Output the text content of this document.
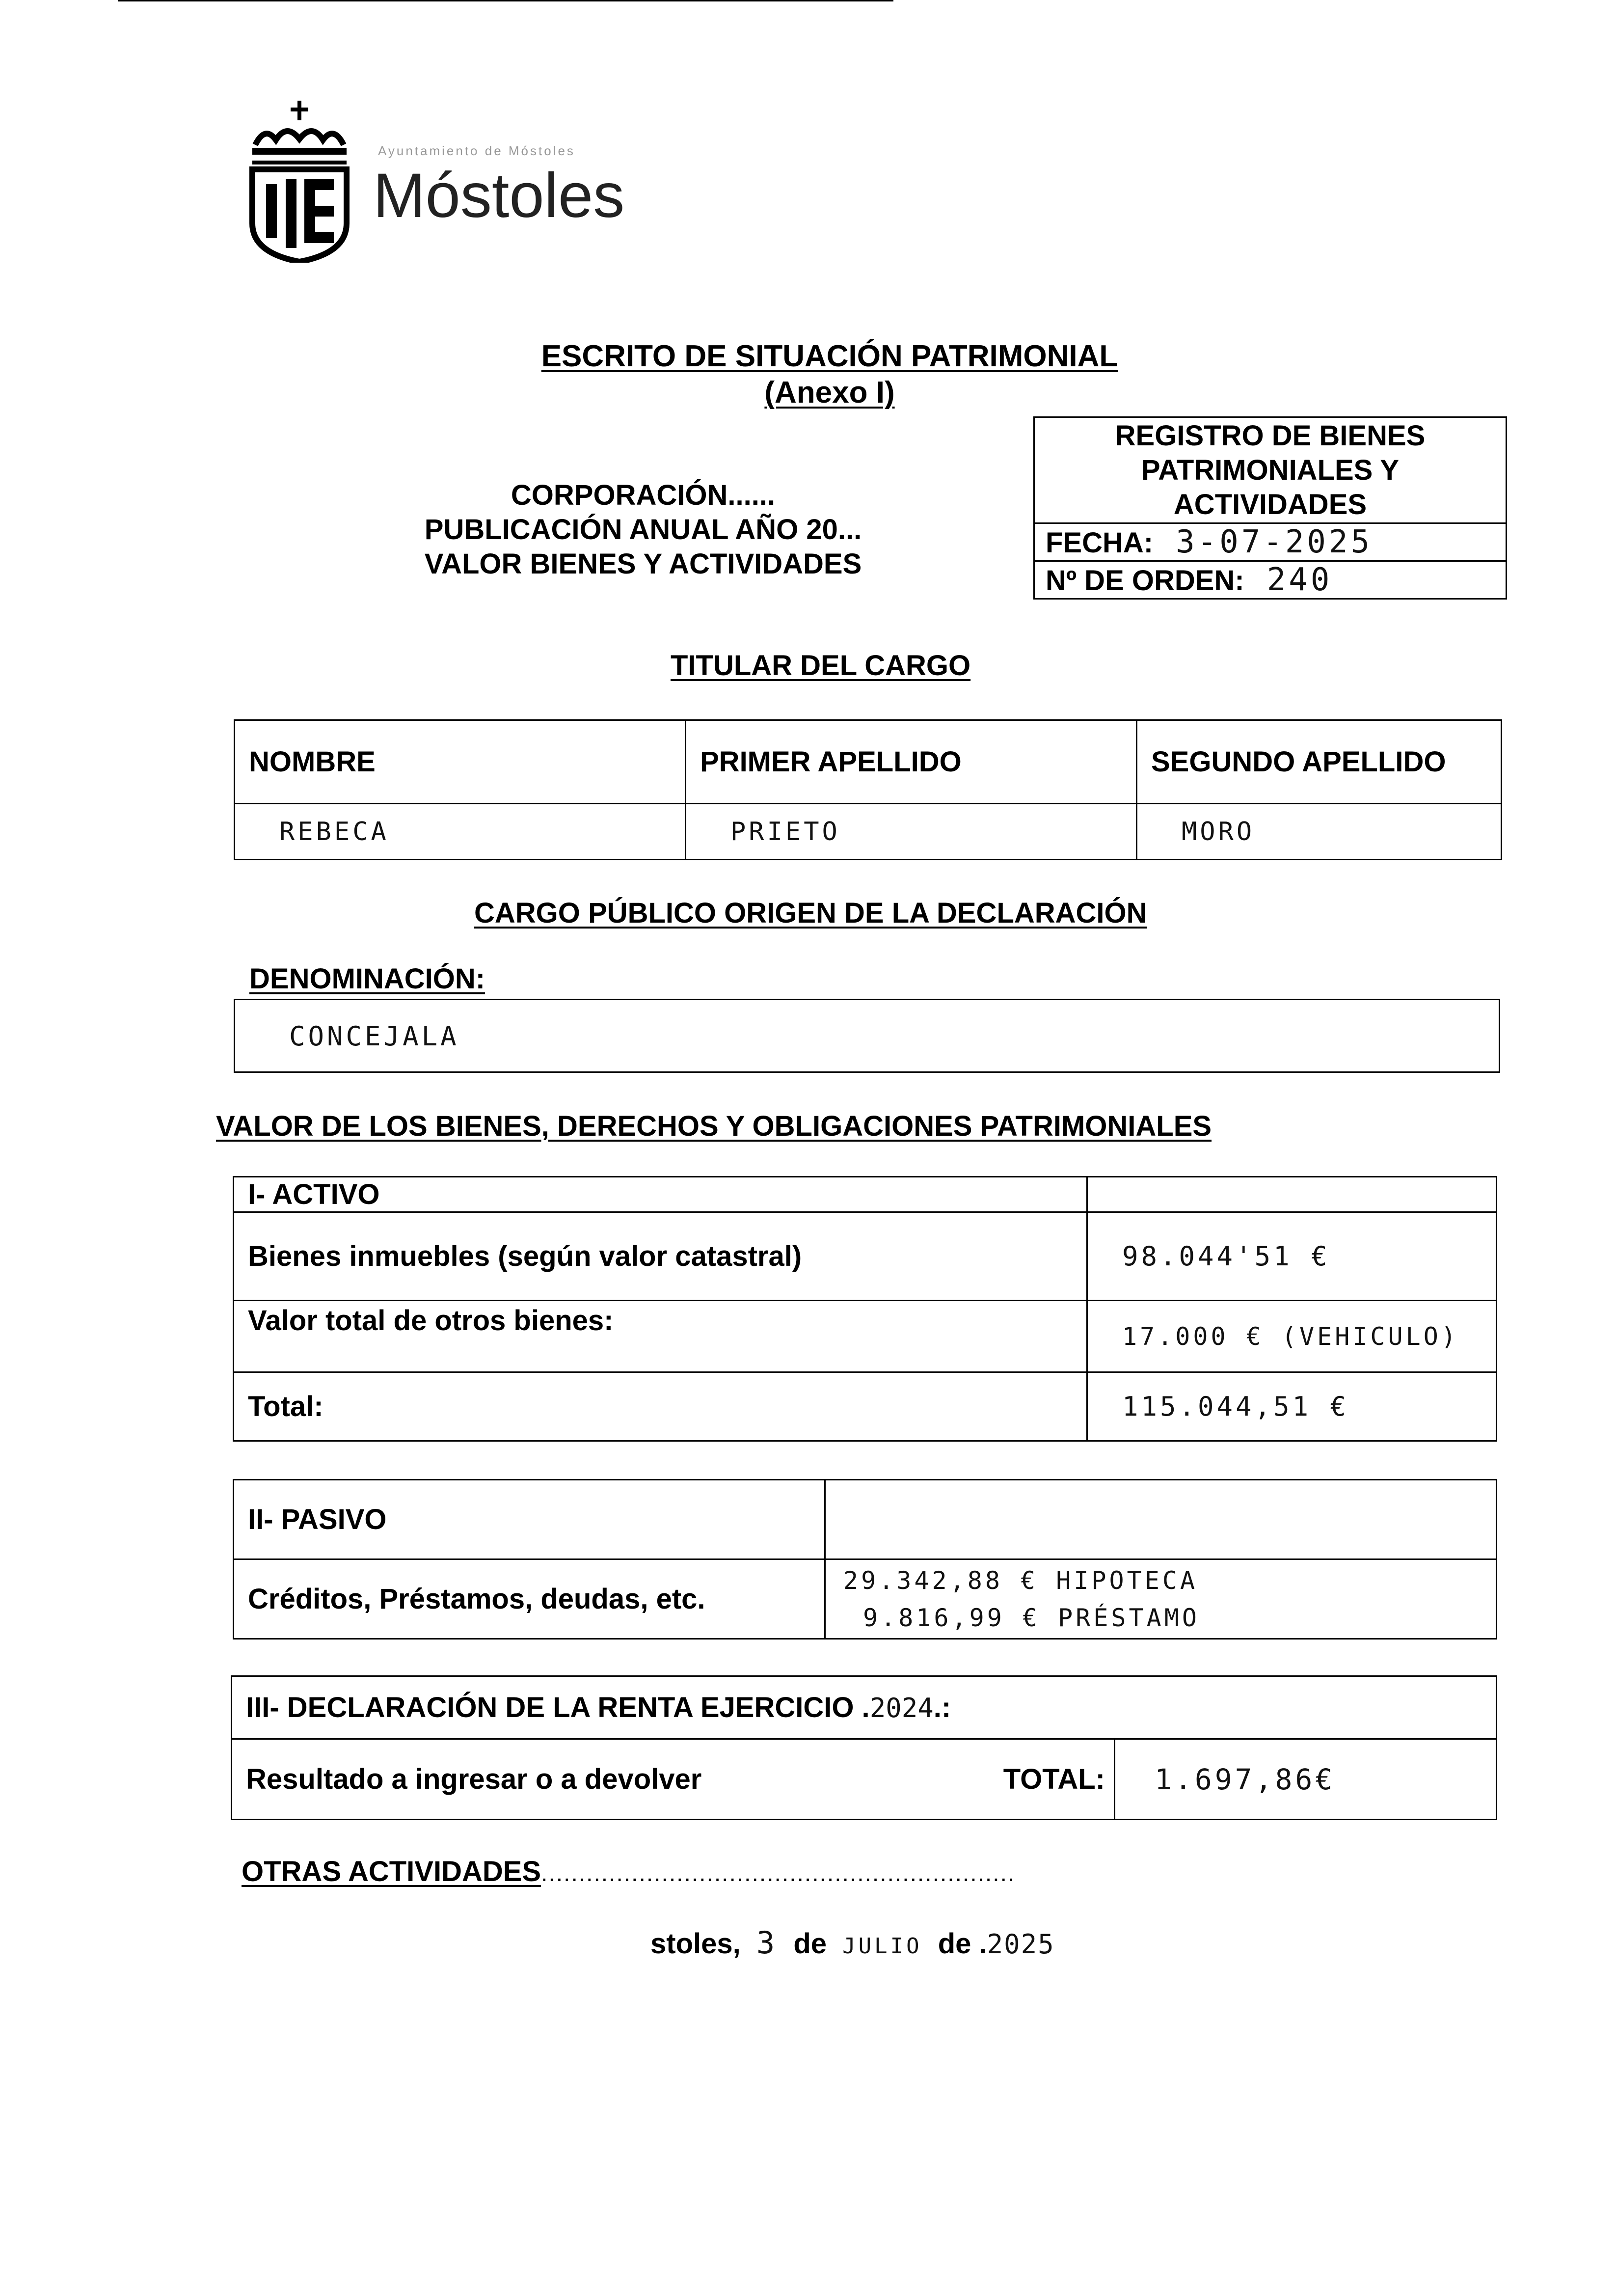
Ayuntamiento de Móstoles
Móstoles
ESCRITO DE SITUACIÓN PATRIMONIAL
(Anexo I)
CORPORACIÓN......
PUBLICACIÓN ANUAL AÑO 20...
VALOR BIENES Y ACTIVIDADES
REGISTRO DE BIENES
PATRIMONIALES Y
ACTIVIDADES

FECHA: 3-07-2025
Nº DE ORDEN: 240
TITULAR DEL CARGO
NOMBRE	PRIMER APELLIDO	SEGUNDO APELLIDO
REBECA	PRIETO	MORO
CARGO PÚBLICO ORIGEN DE LA DECLARACIÓN
DENOMINACIÓN:
CONCEJALA
VALOR DE LOS BIENES, DERECHOS Y OBLIGACIONES PATRIMONIALES
I- ACTIVO	
Bienes inmuebles (según valor catastral)	98.044'51 €
Valor total de otros bienes:	17.000 € (VEHICULO)
Total:	115.044,51 €
II- PASIVO	
Créditos, Préstamos, deudas, etc.	29.342,88 € HIPOTECA
9.816,99 € PRÉSTAMO
III- DECLARACIÓN DE LA RENTA EJERCICIO .2024.:
Resultado a ingresar o a devolver	TOTAL:	1.697,86€
OTRAS ACTIVIDADES...............................................................
stoles, 3 de JULIO de .2025
